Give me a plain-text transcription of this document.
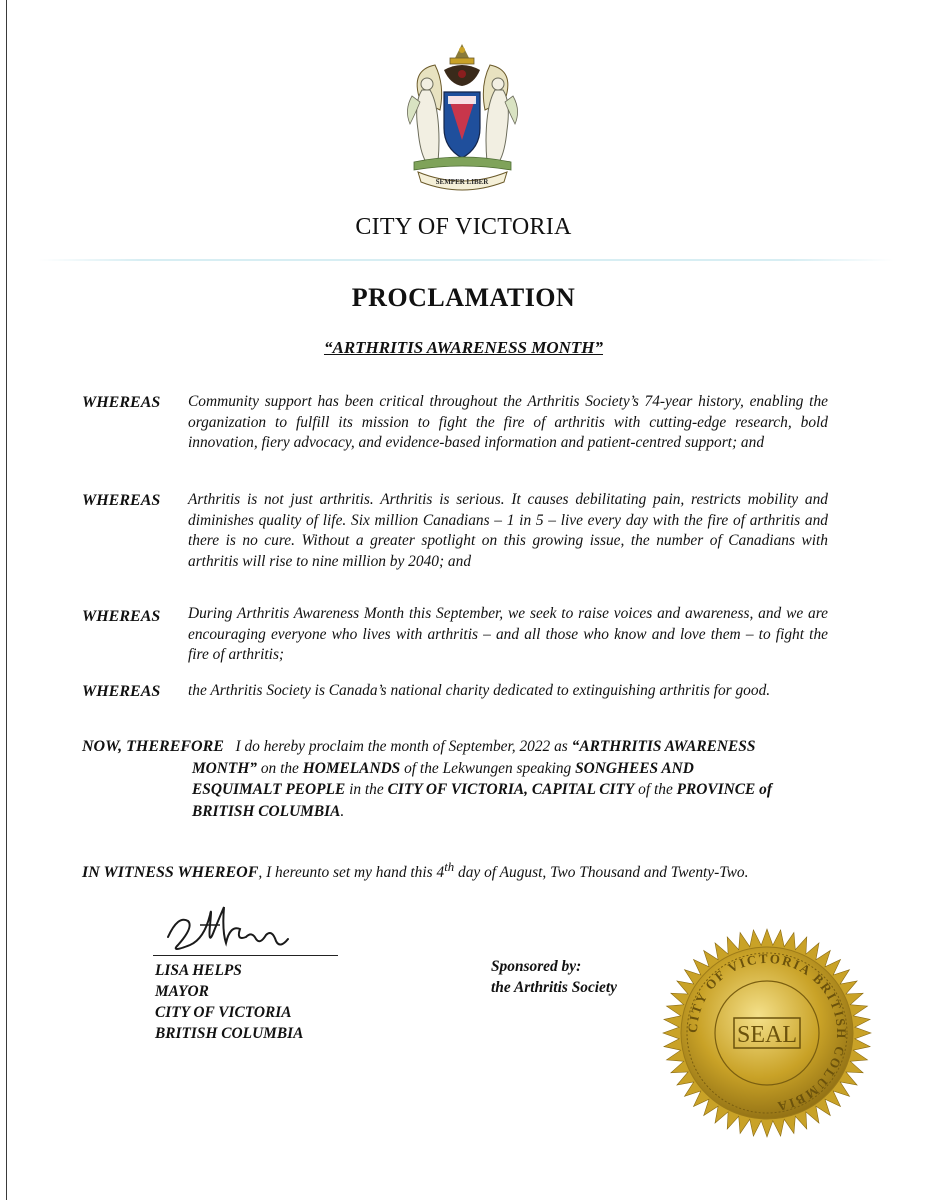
SEMPER LIBER
CITY OF VICTORIA
PROCLAMATION
“ARTHRITIS AWARENESS MONTH”
WHEREAS Community support has been critical throughout the Arthritis Society’s 74-year history, enabling the organization to fulfill its mission to fight the fire of arthritis with cutting-edge research, bold innovation, fiery advocacy, and evidence-based information and patient-centred support; and
WHEREAS Arthritis is not just arthritis. Arthritis is serious. It causes debilitating pain, restricts mobility and diminishes quality of life. Six million Canadians – 1 in 5 – live every day with the fire of arthritis and there is no cure. Without a greater spotlight on this growing issue, the number of Canadians with arthritis will rise to nine million by 2040; and
WHEREAS During Arthritis Awareness Month this September, we seek to raise voices and awareness, and we are encouraging everyone who lives with arthritis – and all those who know and love them – to fight the fire of arthritis;
WHEREAS the Arthritis Society is Canada’s national charity dedicated to extinguishing arthritis for good.
NOW, THEREFORE I do hereby proclaim the month of September, 2022 as “ARTHRITIS AWARENESS
MONTH” on the HOMELANDS of the Lekwungen speaking SONGHEES AND
ESQUIMALT PEOPLE in the CITY OF VICTORIA, CAPITAL CITY of the PROVINCE of
BRITISH COLUMBIA.
IN WITNESS WHEREOF, I hereunto set my hand this 4th day of August, Two Thousand and Twenty-Two.
LISA HELPS
MAYOR
CITY OF VICTORIA
BRITISH COLUMBIA
Sponsored by:
the Arthritis Society
CITY OF VICTORIA BRITISH COLUMBIA
SEAL
